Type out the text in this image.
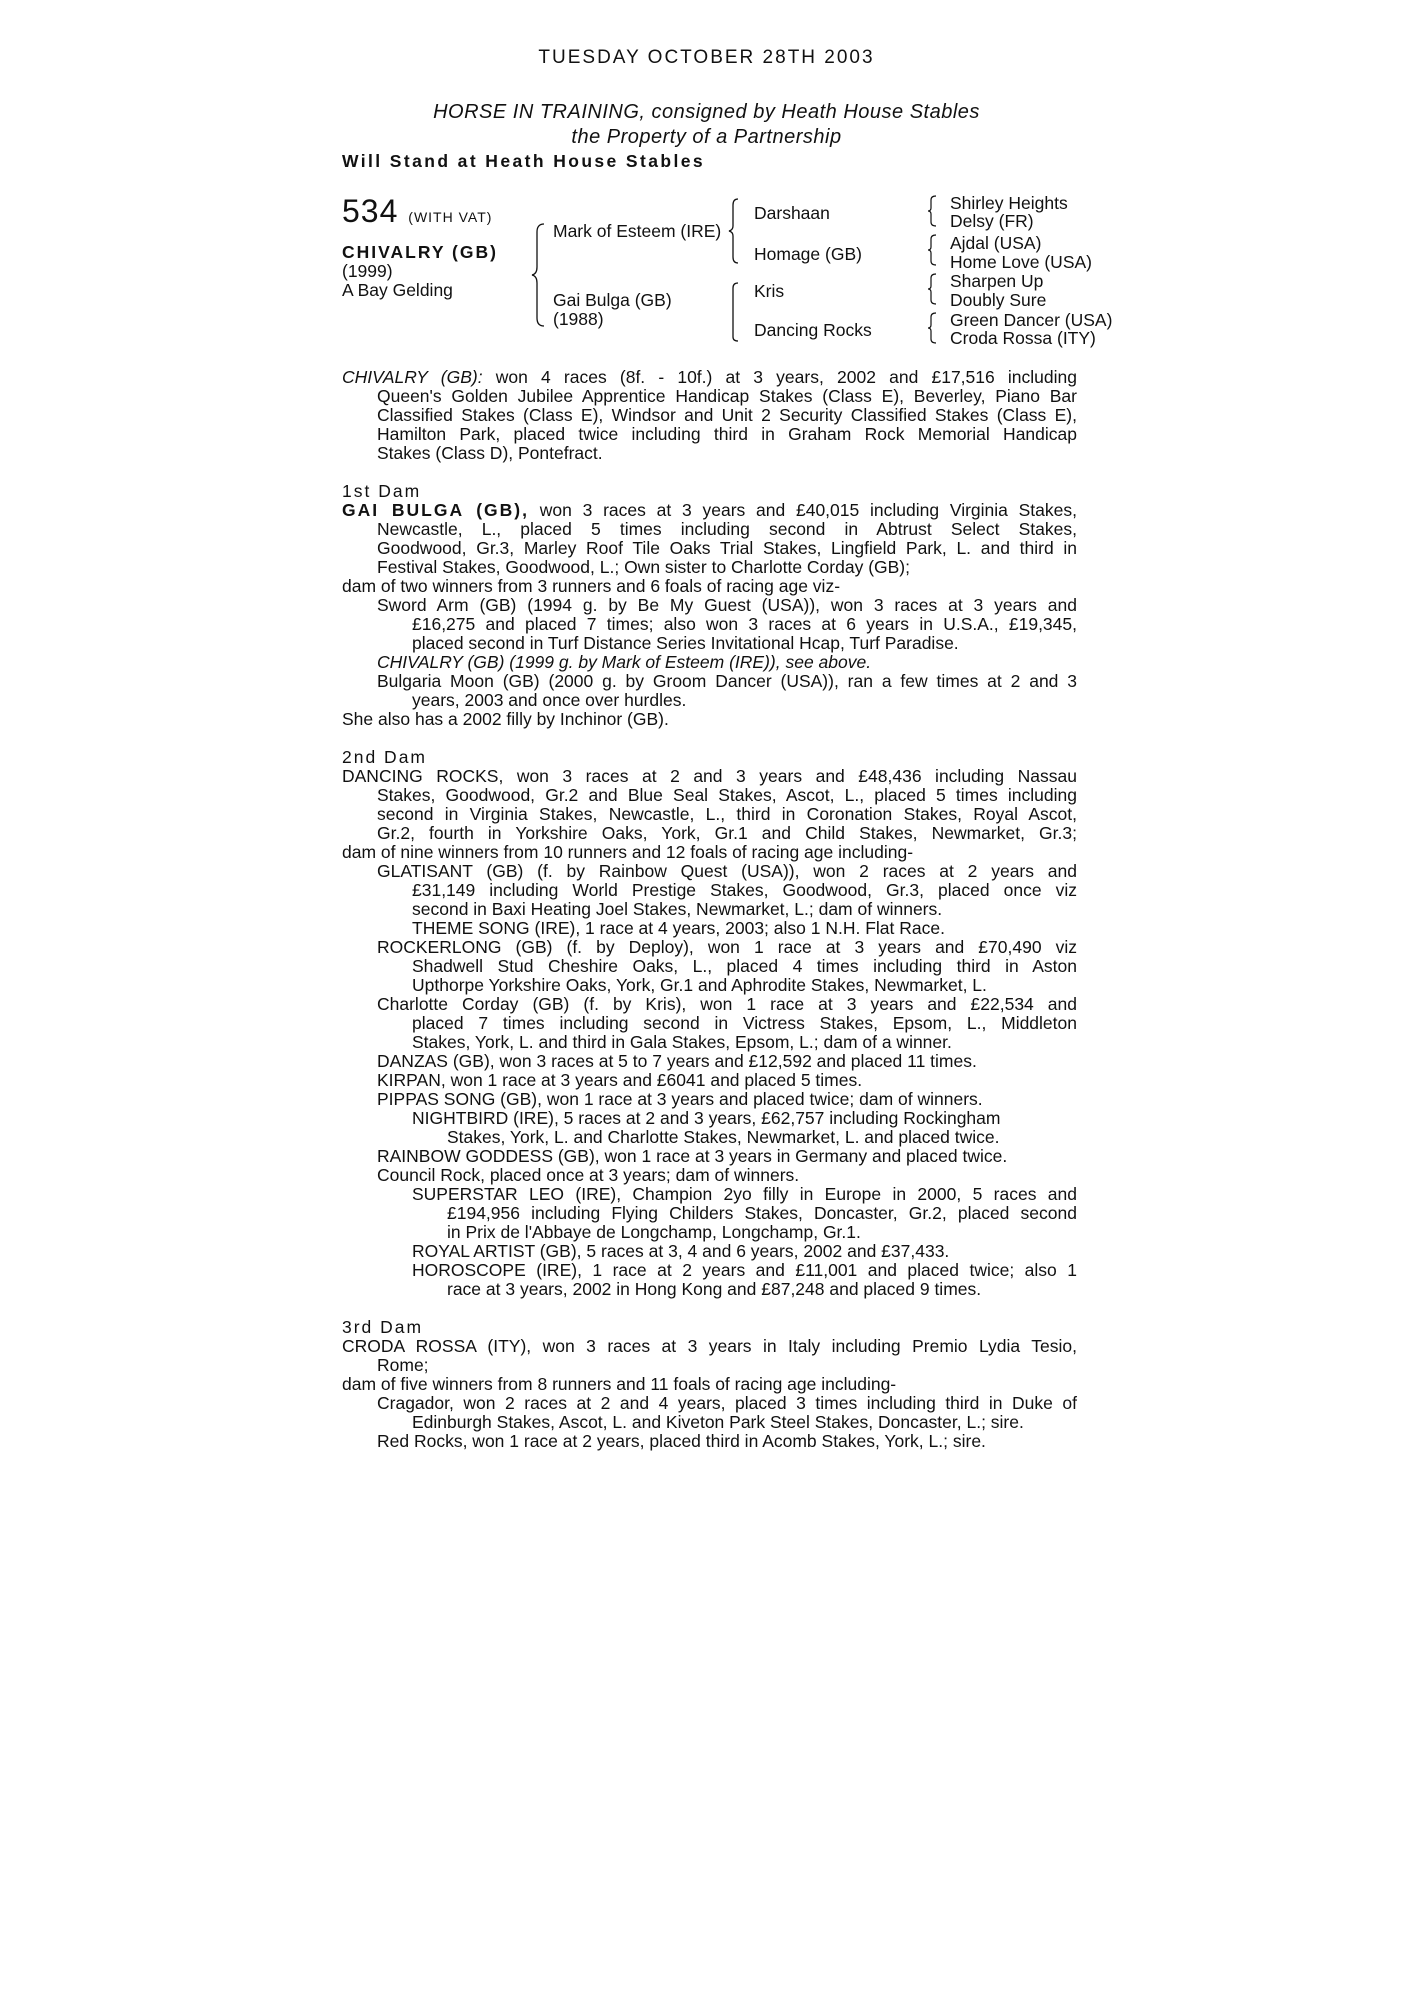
TUESDAY OCTOBER 28TH 2003
HORSE IN TRAINING, consigned by Heath House Stables
the Property of a Partnership
Will Stand at Heath House Stables
534 (WITH VAT)
CHIVALRY (GB)
(1999)
A Bay Gelding
Mark of Esteem (IRE)
Gai Bulga (GB)
(1988)
Darshaan
Homage (GB)
Kris
Dancing Rocks
Shirley Heights
Delsy (FR)
Ajdal (USA)
Home Love (USA)
Sharpen Up
Doubly Sure
Green Dancer (USA)
Croda Rossa (ITY)
CHIVALRY (GB): won 4 races (8f. - 10f.) at 3 years, 2002 and £17,516 including
Queen's Golden Jubilee Apprentice Handicap Stakes (Class E), Beverley, Piano Bar
Classified Stakes (Class E), Windsor and Unit 2 Security Classified Stakes (Class E),
Hamilton Park, placed twice including third in Graham Rock Memorial Handicap
Stakes (Class D), Pontefract.
1st Dam
GAI BULGA (GB), won 3 races at 3 years and £40,015 including Virginia Stakes,
Newcastle, L., placed 5 times including second in Abtrust Select Stakes,
Goodwood, Gr.3, Marley Roof Tile Oaks Trial Stakes, Lingfield Park, L. and third in
Festival Stakes, Goodwood, L.; Own sister to Charlotte Corday (GB);
dam of two winners from 3 runners and 6 foals of racing age viz-
Sword Arm (GB) (1994 g. by Be My Guest (USA)), won 3 races at 3 years and
£16,275 and placed 7 times; also won 3 races at 6 years in U.S.A., £19,345,
placed second in Turf Distance Series Invitational Hcap, Turf Paradise.
CHIVALRY (GB) (1999 g. by Mark of Esteem (IRE)), see above.
Bulgaria Moon (GB) (2000 g. by Groom Dancer (USA)), ran a few times at 2 and 3
years, 2003 and once over hurdles.
She also has a 2002 filly by Inchinor (GB).
2nd Dam
DANCING ROCKS, won 3 races at 2 and 3 years and £48,436 including Nassau
Stakes, Goodwood, Gr.2 and Blue Seal Stakes, Ascot, L., placed 5 times including
second in Virginia Stakes, Newcastle, L., third in Coronation Stakes, Royal Ascot,
Gr.2, fourth in Yorkshire Oaks, York, Gr.1 and Child Stakes, Newmarket, Gr.3;
dam of nine winners from 10 runners and 12 foals of racing age including-
GLATISANT (GB) (f. by Rainbow Quest (USA)), won 2 races at 2 years and
£31,149 including World Prestige Stakes, Goodwood, Gr.3, placed once viz
second in Baxi Heating Joel Stakes, Newmarket, L.; dam of winners.
THEME SONG (IRE), 1 race at 4 years, 2003; also 1 N.H. Flat Race.
ROCKERLONG (GB) (f. by Deploy), won 1 race at 3 years and £70,490 viz
Shadwell Stud Cheshire Oaks, L., placed 4 times including third in Aston
Upthorpe Yorkshire Oaks, York, Gr.1 and Aphrodite Stakes, Newmarket, L.
Charlotte Corday (GB) (f. by Kris), won 1 race at 3 years and £22,534 and
placed 7 times including second in Victress Stakes, Epsom, L., Middleton
Stakes, York, L. and third in Gala Stakes, Epsom, L.; dam of a winner.
DANZAS (GB), won 3 races at 5 to 7 years and £12,592 and placed 11 times.
KIRPAN, won 1 race at 3 years and £6041 and placed 5 times.
PIPPAS SONG (GB), won 1 race at 3 years and placed twice; dam of winners.
NIGHTBIRD (IRE), 5 races at 2 and 3 years, £62,757 including Rockingham
Stakes, York, L. and Charlotte Stakes, Newmarket, L. and placed twice.
RAINBOW GODDESS (GB), won 1 race at 3 years in Germany and placed twice.
Council Rock, placed once at 3 years; dam of winners.
SUPERSTAR LEO (IRE), Champion 2yo filly in Europe in 2000, 5 races and
£194,956 including Flying Childers Stakes, Doncaster, Gr.2, placed second
in Prix de l'Abbaye de Longchamp, Longchamp, Gr.1.
ROYAL ARTIST (GB), 5 races at 3, 4 and 6 years, 2002 and £37,433.
HOROSCOPE (IRE), 1 race at 2 years and £11,001 and placed twice; also 1
race at 3 years, 2002 in Hong Kong and £87,248 and placed 9 times.
3rd Dam
CRODA ROSSA (ITY), won 3 races at 3 years in Italy including Premio Lydia Tesio,
Rome;
dam of five winners from 8 runners and 11 foals of racing age including-
Cragador, won 2 races at 2 and 4 years, placed 3 times including third in Duke of
Edinburgh Stakes, Ascot, L. and Kiveton Park Steel Stakes, Doncaster, L.; sire.
Red Rocks, won 1 race at 2 years, placed third in Acomb Stakes, York, L.; sire.
